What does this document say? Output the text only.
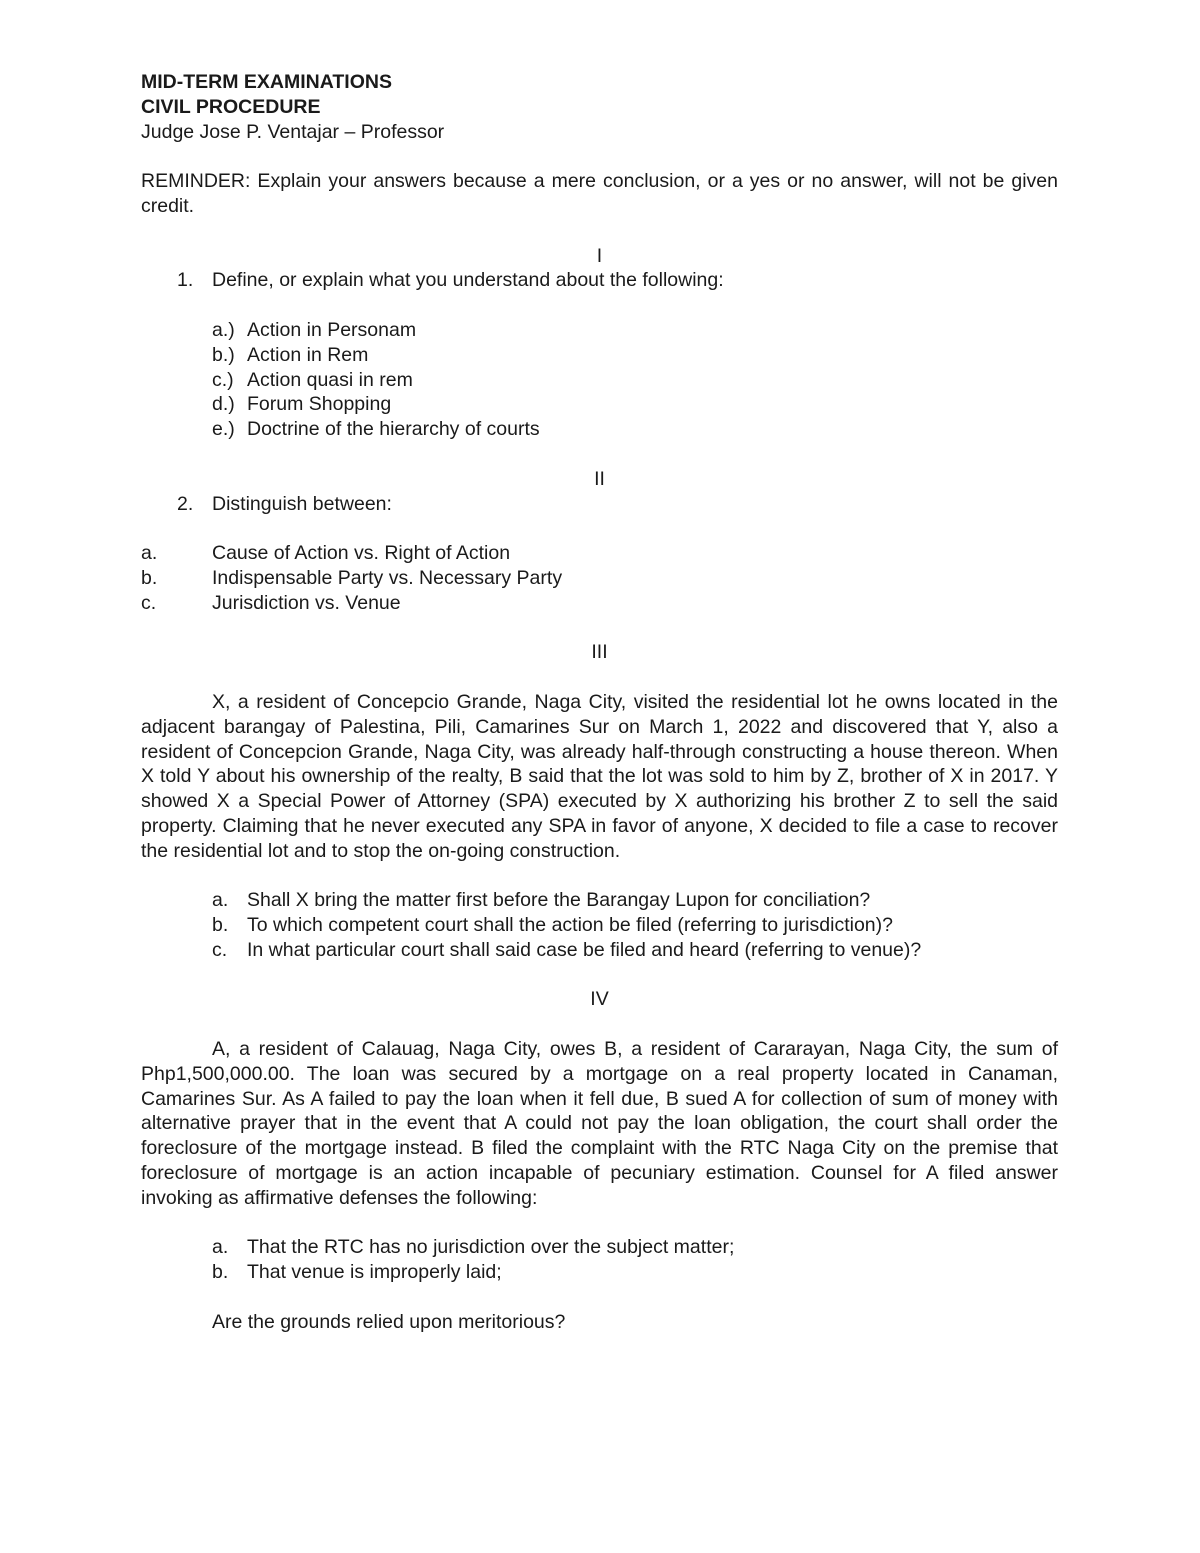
MID-TERM EXAMINATIONS

CIVIL PROCEDURE

Judge Jose P. Ventajar – Professor

REMINDER: Explain your answers because a mere conclusion, or a yes or no answer, will not be given credit.

I

1. Define, or explain what you understand about the following:
a.) Action in Personam
b.) Action in Rem
c.) Action quasi in rem
d.) Forum Shopping
e.) Doctrine of the hierarchy of courts

II

2. Distinguish between:
a.	Cause of Action vs. Right of Action
b.	Indispensable Party vs. Necessary Party
c.	Jurisdiction vs. Venue

III

X, a resident of Concepcio Grande, Naga City, visited the residential lot he owns located in the adjacent barangay of Palestina, Pili, Camarines Sur on March 1, 2022 and discovered that Y, also a resident of Concepcion Grande, Naga City, was already half-through constructing a house thereon. When X told Y about his ownership of the realty, B said that the lot was sold to him by Z, brother of X in 2017. Y showed X a Special Power of Attorney (SPA) executed by X authorizing his brother Z to sell the said property. Claiming that he never executed any SPA in favor of anyone, X decided to file a case to recover the residential lot and to stop the on-going construction.

a. Shall X bring the matter first before the Barangay Lupon for conciliation?
b. To which competent court shall the action be filed (referring to jurisdiction)?
c.	In what particular court shall said case be filed and heard (referring to venue)?

IV

A, a resident of Calauag, Naga City, owes B, a resident of Cararayan, Naga City, the sum of Php1,500,000.00. The loan was secured by a mortgage on a real property located in Canaman, Camarines Sur. As A failed to pay the loan when it fell due, B sued A for collection of sum of money with alternative prayer that in the event that A could not pay the loan obligation, the court shall order the foreclosure of the mortgage instead. B filed the complaint with the RTC Naga City on the premise that foreclosure of mortgage is an action incapable of pecuniary estimation. Counsel for A filed answer invoking as affirmative defenses the following:

a. That the RTC has no jurisdiction over the subject matter;
b. That venue is improperly laid;

Are the grounds relied upon meritorious?
